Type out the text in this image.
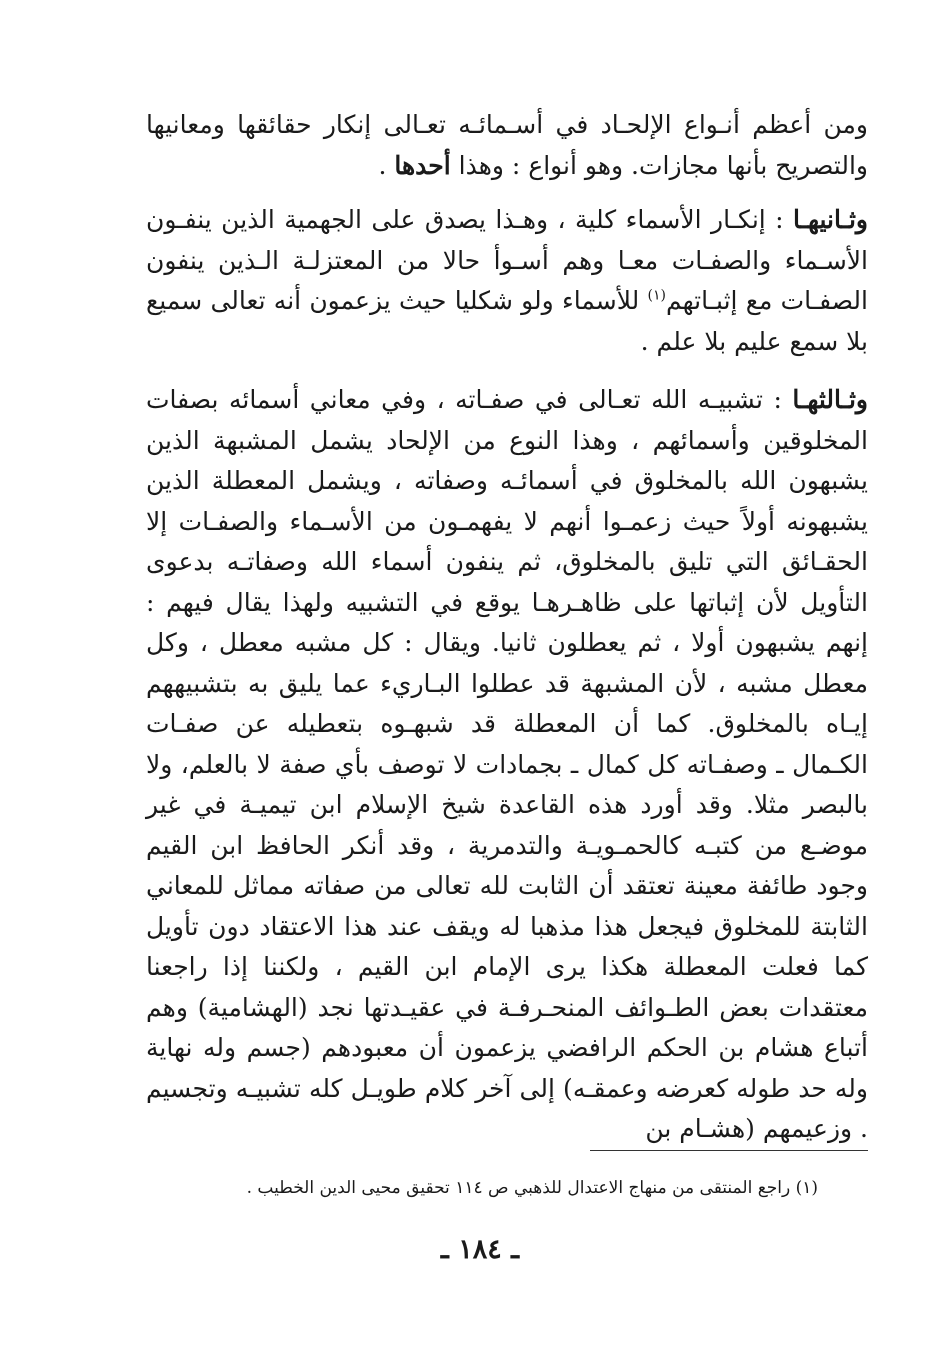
ومن أعظم أنـواع الإلحـاد في أسـمائـه تعـالى إنكار حقائقها ومعانيها والتصريح بأنها مجازات. وهو أنواع : وهذا أحدها .

وثـانيهـا : إنكـار الأسماء كلية ، وهـذا يصدق على الجهمية الذين ينفـون الأسـماء والصفـات معـا وهم أسـوأ حالا من المعتزلـة الـذين ينفون الصفـات مع إثبـاتهم$^{(١)}$ للأسماء ولو شكليا حيث يزعمون أنه تعالى سميع بلا سمع عليم بلا علم .

وثـالثهـا : تشبيـه الله تعـالى في صفـاته ، وفي معاني أسمائه بصفات المخلوقين وأسمائهم ، وهذا النوع من الإلحاد يشمل المشبهة الذين يشبهون الله بالمخلوق في أسمائـه وصفاته ، ويشمل المعطلة الذين يشبهونه أولاً حيث زعمـوا أنهم لا يفهمـون من الأسـماء والصفـات إلا الحقـائق التي تليق بالمخلوق، ثم ينفون أسماء الله وصفاتـه بدعوى التأويل لأن إثباتها على ظاهـرهـا يوقع في التشبيه ولهذا يقال فيهم : إنهم يشبهون أولا ، ثم يعطلون ثانيا. ويقال : كل مشبه معطل ، وكل معطل مشبه ، لأن المشبهة قد عطلوا البـاريء عما يليق به بتشبيههم إيـاه بالمخلوق. كما أن المعطلة قد شبهـوه بتعطيله عن صفـات الكـمال ـ وصفـاته كل كمال ـ بجمادات لا توصف بأي صفة لا بالعلم، ولا بالبصر مثلا. وقد أورد هذه القاعدة شيخ الإسلام ابن تيميـة في غير موضـع من كتبـه كالحمـويـة والتدمرية ، وقد أنكر الحافظ ابن القيم وجود طائفة معينة تعتقد أن الثابت لله تعالى من صفاته مماثل للمعاني الثابتة للمخلوق فيجعل هذا مذهبا له ويقف عند هذا الاعتقاد دون تأويل كما فعلت المعطلة هكذا يرى الإمام ابن القيم ، ولكننا إذا راجعنا معتقدات بعض الطـوائف المنحـرفـة في عقيـدتها نجد (الهشامية) وهم أتباع هشام بن الحكم الرافضي يزعمون أن معبودهم (جسم وله نهاية وله حد طوله كعرضه وعمقـه) إلى آخر كلام طويـل كله تشبيـه وتجسيم . وزعيمهم (هشـام بن

(١) راجع المنتقى من منهاج الاعتدال للذهبي ص ١١٤ تحقيق محيى الدين الخطيب .
ـ ١٨٤ ـ
